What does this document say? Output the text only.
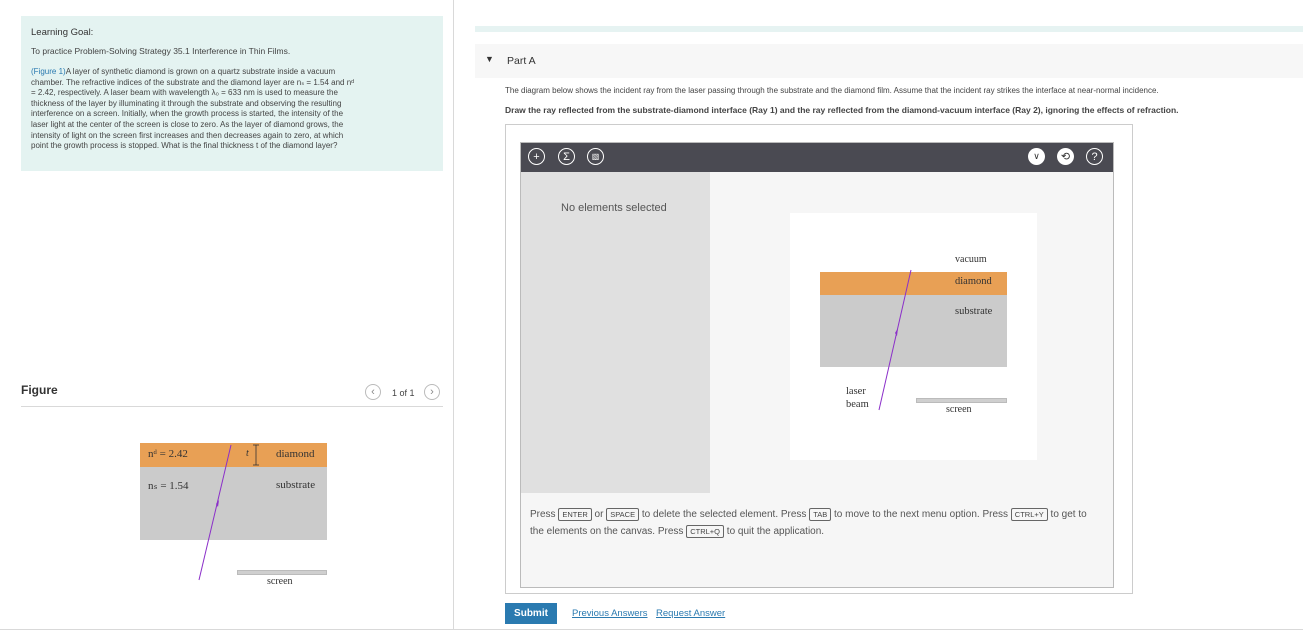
Learning Goal:
To practice Problem-Solving Strategy 35.1 Interference in Thin Films.
(Figure 1)A layer of synthetic diamond is grown on a quartz substrate inside a vacuum
chamber. The refractive indices of the substrate and the diamond layer are nₛ = 1.54 and nᵈ
= 2.42, respectively. A laser beam with wavelength λ₀ = 633 nm is used to measure the
thickness of the layer by illuminating it through the substrate and observing the resulting
interference on a screen. Initially, when the growth process is started, the intensity of the
laser light at the center of the screen is close to zero. As the layer of diamond grows, the
intensity of light on the screen first increases and then decreases again to zero, at which
point the growth process is stopped. What is the final thickness t of the diamond layer?
Figure	‹	1 of 1	›
nᵈ = 2.42
nₛ = 1.54
t diamond
substrate
screen
▼ Part A
The diagram below shows the incident ray from the laser passing through the substrate and the diamond film. Assume that the incident ray strikes the interface at near-normal incidence.
Draw the ray reflected from the substrate-diamond interface (Ray 1) and the ray reflected from the diamond-vacuum interface (Ray 2), ignoring the effects of refraction.
+	Σ	▧	∨	⟲	?
No elements selected
vacuum
diamond
substrate
laser
beam	screen
Press ENTER or SPACE to delete the selected element. Press TAB to move to the next menu option. Press CTRL+Y to get to the elements on the canvas. Press CTRL+Q to quit the application.
Submit	Previous Answers Request Answer
